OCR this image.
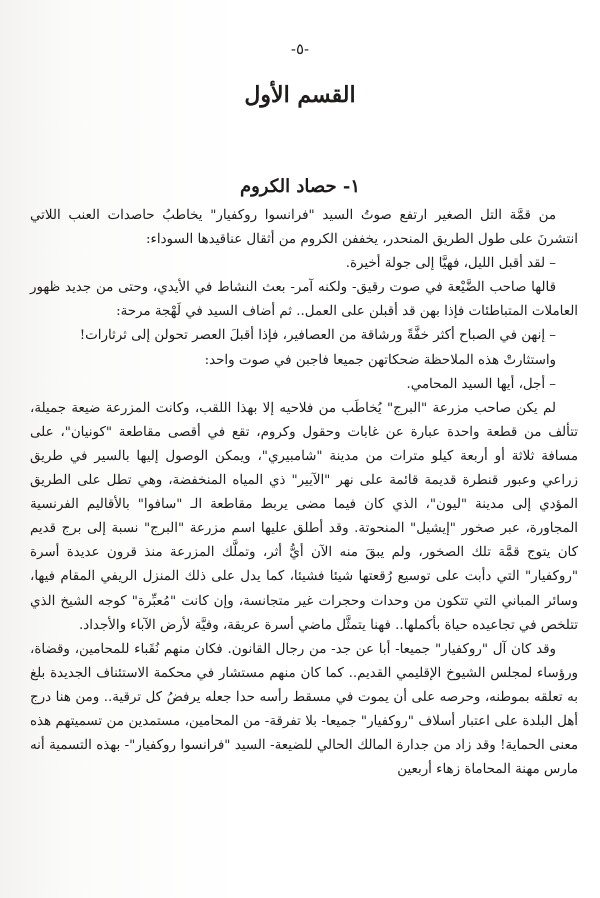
-٥-
القسم الأول
١- حصاد الكروم

من قمَّة التل الصغير ارتفع صوتُ السيد "فرانسوا روكفيار" يخاطبُ حاصدات العنب اللاتي انتشرنَ على طول الطريق المنحدر، يخففن الكروم من أثقال عناقيدها السوداء:

– لقد أقبل الليل، فهيَّا إلى جولة أخيرة.

قالها صاحب الضَّيْعة في صوت رقيق- ولكنه آمر- بعث النشاط في الأيدي، وحتى من جديد ظهور العاملات المتباطئات فإذا بهن قد أقبلن على العمل.. ثم أضاف السيد في لَهْجة مرحة:

– إنهن في الصباح أكثر خفَّةً ورشاقة من العصافير، فإذا أقبلَ العصر تحولن إلى ثرثارات!

واستثارتْ هذه الملاحظة ضحكاتهن جميعا فاجبن في صوت واحد:

– أجل، أيها السيد المحامي.

لم يكن صاحب مزرعة "البرج" يُخاطَب من فلاحيه إلا بهذا اللقب، وكانت المزرعة ضيعة جميلة، تتألف من قطعة واحدة عبارة عن غابات وحقول وكروم، تقع في أقصى مقاطعة "كونيان"، على مسافة ثلاثة أو أربعة كيلو مترات من مدينة "شامبيري"، ويمكن الوصول إليها بالسير في طريق زراعي وعبور قنطرة قديمة قائمة على نهر "الآيير" ذي المياه المنخفضة، وهي تطل على الطريق المؤدي إلى مدينة "ليون"، الذي كان فيما مضى يربط مقاطعة الـ "سافوا" بالأقاليم الفرنسية المجاورة، عبر صخور "إيشيل" المنحوتة. وقد أطلق عليها اسم مزرعة "البرج" نسبة إلى برج قديم كان يتوج قمَّة تلك الصخور، ولم يبقَ منه الآن أيُّ أثر، وتملَّك المزرعة منذ قرون عديدة أسرة "روكفيار" التي دأبت على توسيع رُقعتها شيئا فشيئا، كما يدل على ذلك المنزل الريفي المقام فيها، وسائر المباني التي تتكون من وحدات وحجرات غير متجانسة، وإن كانت "مُعبِّرة" كوجه الشيخ الذي تتلخص في تجاعيده حياة بأكملها.. فهنا يتمثَّل ماضي أسرة عريقة، وفيَّة لأرض الآباء والأجداد.

وقد كان آل "روكفيار" جميعا- أبا عن جد- من رجال القانون. فكان منهم نُقَباء للمحامين، وقضاة، ورؤساء لمجلس الشيوخ الإقليمي القديم.. كما كان منهم مستشار في محكمة الاستئناف الجديدة بلغ به تعلقه بموطنه، وحرصه على أن يموت في مسقط رأسه حدا جعله يرفضُ كل ترقية.. ومن هنا درج أهل البلدة على اعتبار أسلاف "روكفيار" جميعا- بلا تفرقة- من المحامين، مستمدين من تسميتهم هذه معنى الحماية! وقد زاد من جدارة المالك الحالي للضيعة- السيد "فرانسوا روكفيار"- بهذه التسمية أنه مارس مهنة المحاماة زهاء أربعين
